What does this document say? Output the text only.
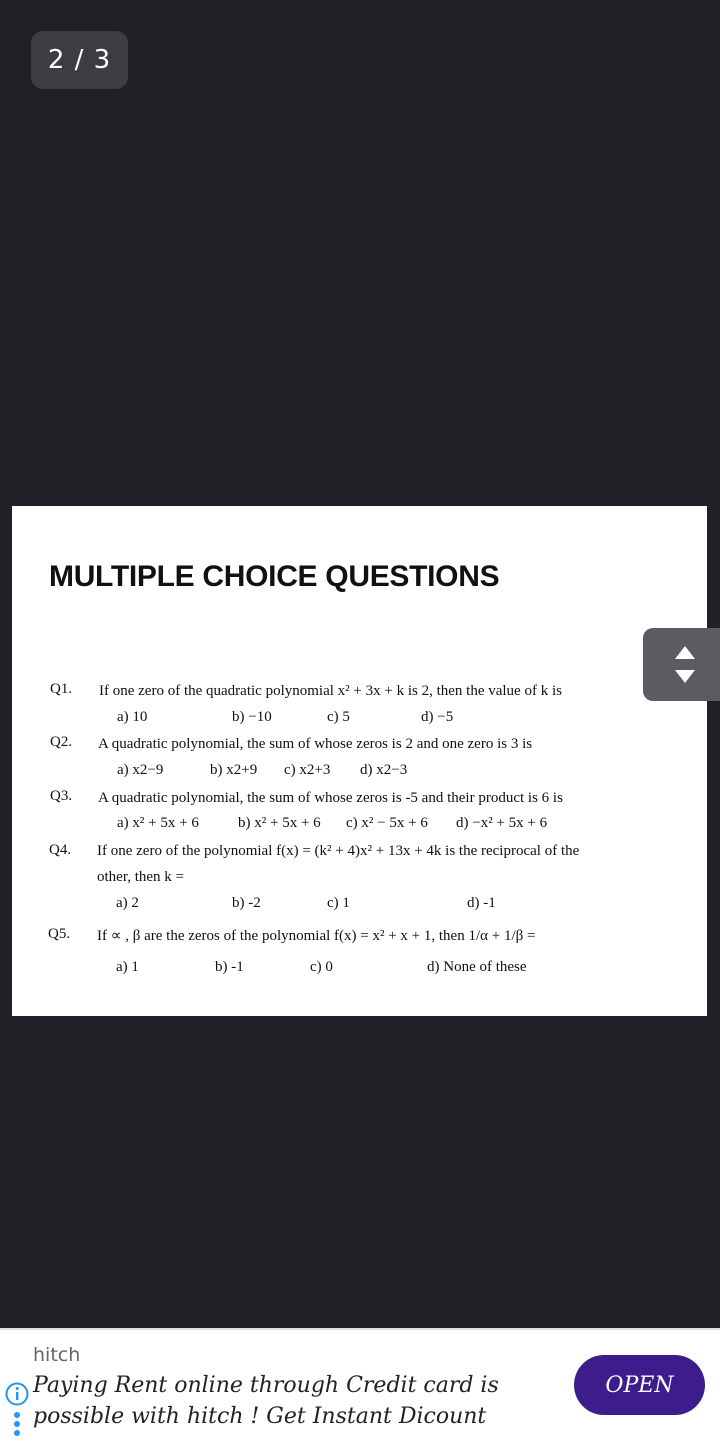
2 / 3
MULTIPLE CHOICE QUESTIONS
Q1. If one zero of the quadratic polynomial x² + 3x + k is 2, then the value of k is
a) 10	b) −10	c) 5	d) −5
Q2. A quadratic polynomial, the sum of whose zeros is 2 and one zero is 3 is
a) x2−9	b) x2+9 c) x2+3 d) x2−3
Q3. A quadratic polynomial, the sum of whose zeros is -5 and their product is 6 is
a) x² + 5x + 6	b) x² + 5x + 6 c) x² − 5x + 6 d) −x² + 5x + 6
Q4. If one zero of the polynomial f(x) = (k² + 4)x² + 13x + 4k is the reciprocal of the
other, then k =
a) 2	b) -2	c) 1	d) -1
Q5. If ∝ , β are the zeros of the polynomial f(x) = x² + x + 1, then 1/α + 1/β =
a) 1	b) -1	c) 0	d) None of these
hitch
Paying Rent online through Credit card is possible with hitch ! Get Instant Dicount
OPEN
